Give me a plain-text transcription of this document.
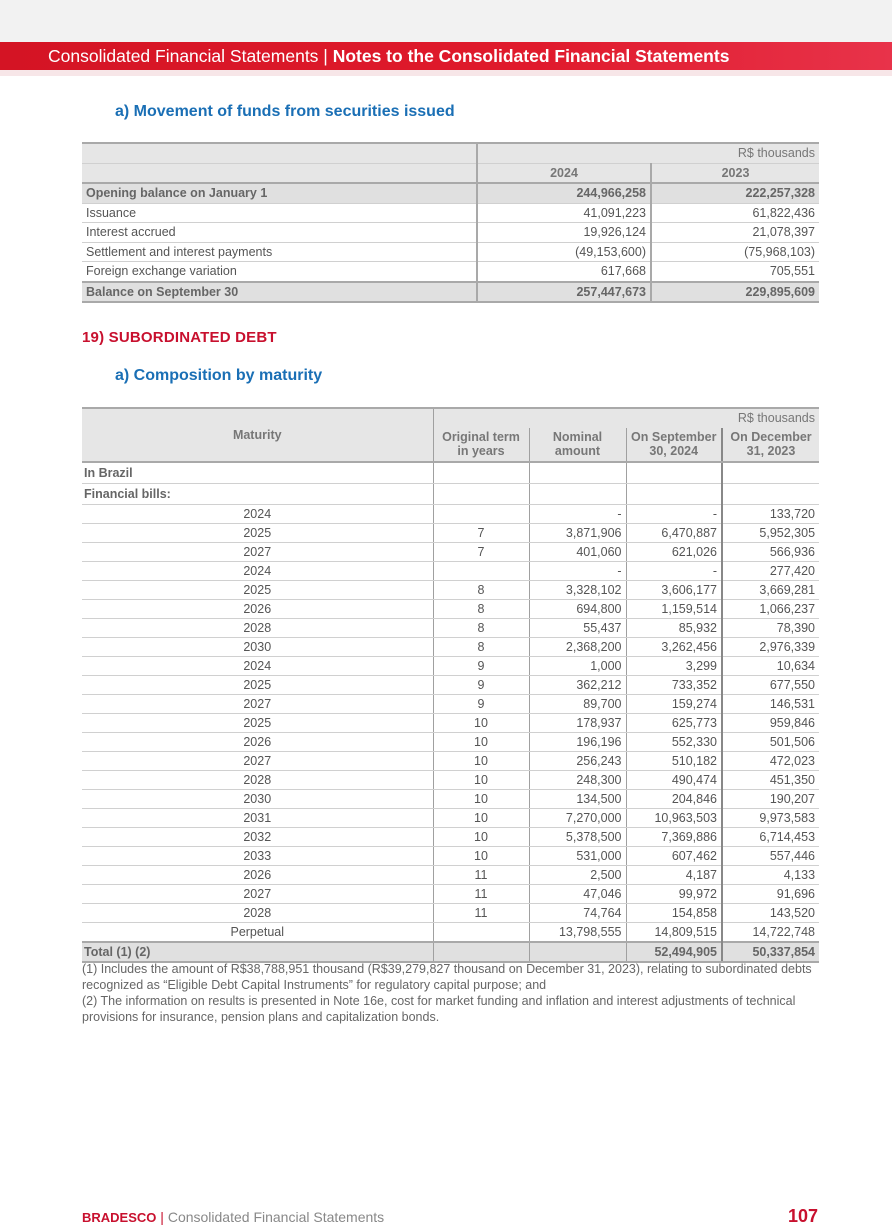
Consolidated Financial Statements | Notes to the Consolidated Financial Statements
a) Movement of funds from securities issued
	R$ thousands	
	2024	2023
Opening balance on January 1	244,966,258	222,257,328
Issuance	41,091,223	61,822,436
Interest accrued	19,926,124	21,078,397
Settlement and interest payments	(49,153,600)	(75,968,103)
Foreign exchange variation	617,668	705,551
Balance on September 30	257,447,673	229,895,609
19) SUBORDINATED DEBT
a) Composition by maturity
Maturity	R$ thousands			
	Original term in years	Nominal amount	On September 30, 2024	On December 31, 2023
In Brazil				
Financial bills:				
2024		-	-	133,720
2025	7	3,871,906	6,470,887	5,952,305
2027	7	401,060	621,026	566,936
2024		-	-	277,420
2025	8	3,328,102	3,606,177	3,669,281
2026	8	694,800	1,159,514	1,066,237
2028	8	55,437	85,932	78,390
2030	8	2,368,200	3,262,456	2,976,339
2024	9	1,000	3,299	10,634
2025	9	362,212	733,352	677,550
2027	9	89,700	159,274	146,531
2025	10	178,937	625,773	959,846
2026	10	196,196	552,330	501,506
2027	10	256,243	510,182	472,023
2028	10	248,300	490,474	451,350
2030	10	134,500	204,846	190,207
2031	10	7,270,000	10,963,503	9,973,583
2032	10	5,378,500	7,369,886	6,714,453
2033	10	531,000	607,462	557,446
2026	11	2,500	4,187	4,133
2027	11	47,046	99,972	91,696
2028	11	74,764	154,858	143,520
Perpetual		13,798,555	14,809,515	14,722,748
Total (1) (2)			52,494,905	50,337,854

(1) Includes the amount of R$38,788,951 thousand (R$39,279,827 thousand on December 31, 2023), relating to subordinated debts recognized as “Eligible Debt Capital Instruments” for regulatory capital purpose; and

(2) The information on results is presented in Note 16e, cost for market funding and inflation and interest adjustments of technical provisions for insurance, pension plans and capitalization bonds.

BRADESCO | Consolidated Financial Statements	107
